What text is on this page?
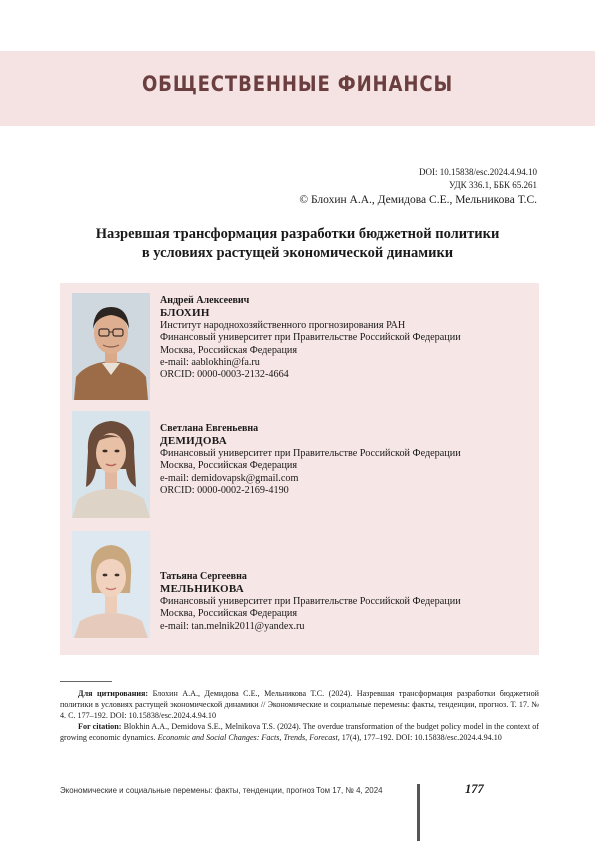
ОБЩЕСТВЕННЫЕ ФИНАНСЫ
DOI: 10.15838/esc.2024.4.94.10
УДК 336.1, ББК 65.261
© Блохин А.А., Демидова С.Е., Мельникова Т.С.
Назревшая трансформация разработки бюджетной политики
в условиях растущей экономической динамики
Андрей Алексеевич
БЛОХИН
Институт народнохозяйственного прогнозирования РАН
Финансовый университет при Правительстве Российской Федерации
Москва, Российская Федерация
e-mail: aablokhin@fa.ru
ORCID: 0000-0003-2132-4664
Светлана Евгеньевна
ДЕМИДОВА
Финансовый университет при Правительстве Российской Федерации
Москва, Российская Федерация
e-mail: demidovapsk@gmail.com
ORCID: 0000-0002-2169-4190
Татьяна Сергеевна
МЕЛЬНИКОВА
Финансовый университет при Правительстве Российской Федерации
Москва, Российская Федерация
e-mail: tan.melnik2011@yandex.ru
Для цитирования: Блохин А.А., Демидова С.Е., Мельникова Т.С. (2024). Назревшая трансформация разработки бюджетной политики в условиях растущей экономической динамики // Экономические и социальные перемены: факты, тенденции, прогноз. Т. 17. № 4. С. 177–192. DOI: 10.15838/esc.2024.4.94.10
For citation: Blokhin A.A., Demidova S.E., Melnikova T.S. (2024). The overdue transformation of the budget policy model in the context of growing economic dynamics. Economic and Social Changes: Facts, Trends, Forecast, 17(4), 177–192. DOI: 10.15838/esc.2024.4.94.10
Экономические и социальные перемены: факты, тенденции, прогноз Том 17, № 4, 2024	177
